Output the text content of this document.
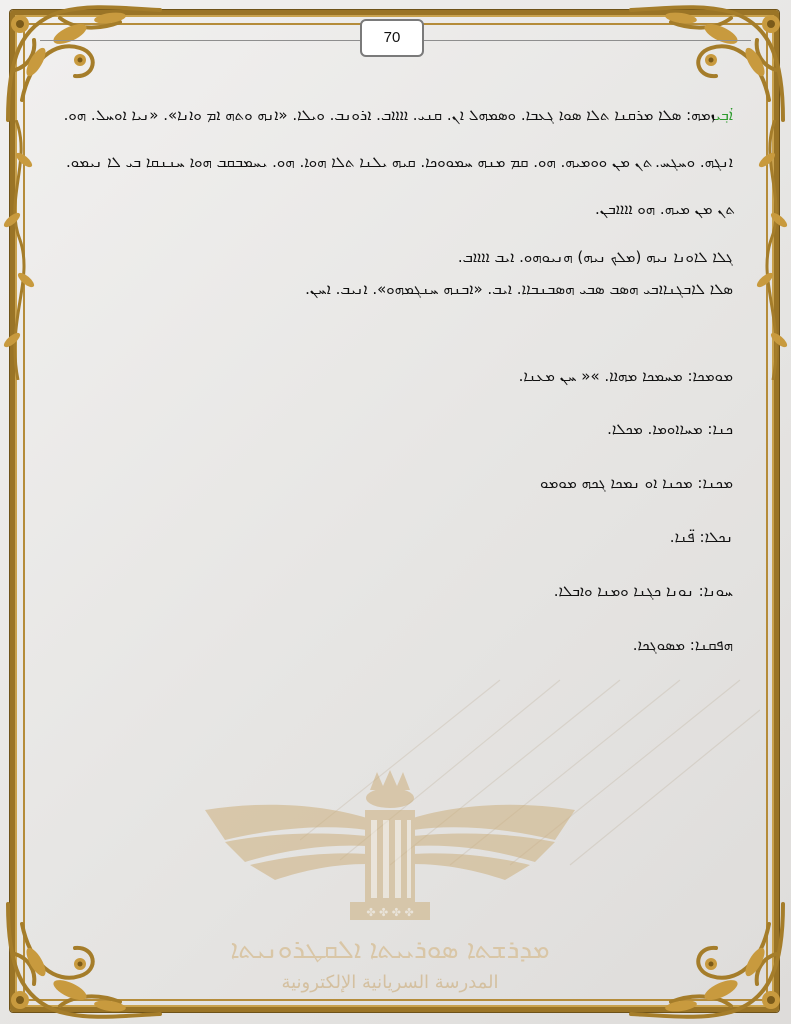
70

ܐܳܒ݂ܝܙܡܗ: ܣܠܐ ܡܪܩܢܐ ܬܠܐ ܣܘܐ ܓܥܒܐ. ܘܣܡܗܠ ܐܢ. ܩܢܝ. ܐܐܐܐܒ. ܐܪܘܢܒ. ܘܝܠܐ. «ܐܢܗ ܘܬܗ ܐܡ ܘܐܢܐ». «ܢܝܐ ܐܘܚܠ. ܗܘ. ܐܢܓܗ. ܘܚܓܚ. ܬܢ ܡܢ ܘܘܡܝܗ. ܗܘ. ܩܡ ܡܢܗ ܚܡܘܘܟܐ. ܩܝܗ ܝܠܢܐ ܬܠܐ ܗܘܐ. ܗܘ. ܝܚܡܒܩܒ ܗܘܐ ܚܢܢܩܐ ܒܝ ܠܐ ܢܝܡܘ. ܬܢ ܡܢ ܡܝܗ. ܗܘ ܐܐܐܐܒܢ.

ܓܠܐ ܠܐܘܢܐ ܢܝܗ (ܡܠܟ ܢܝܗ) ܗܢܝܘܗܘ. ܐܝܒ ܐܐܐܐܒ.
ܣܠܐ ܠܐܒܓܢܐܐܒܝ ܗܣܒ ܣܒܝ ܗܣܒܢܒܐܐ. ܐܝܒ. «ܐܒܢܗ ܚܢܓܡܗܘ». ܐܢܝܒ. ܐܚܢ.

ܡܘܡܟܐ: ܡܚܡܟܐ ܡܗܐܐ. »« ܚܢ ܡܥܢܐ.

ܟܢܐ: ܡܚܐܐܘܡܐ. ܡܟܠܐ.

ܡܟܢܐ: ܡܟܢܐ ܐܘ ܢܡܟܐ ܓܟܗ ܡܘܡܘ

ܢܟܠܐ: ܦ̈ܢܐ.

ܚܘܢܐ: ܢܘܢܐ ܟܓܢܐ ܘܡܢܐ ܘܐܒܠܐ.

ܗܦܩܢܐ: ܡܣܘܓܟܐ.

✤ ✤ ✤ ✤
ܡܕܪܫܬܐ ܣܘܪܝܝܬܐ ܐܠܩܛܪܘܢܝܬܐ
المدرسة السريانية الإلكترونية
